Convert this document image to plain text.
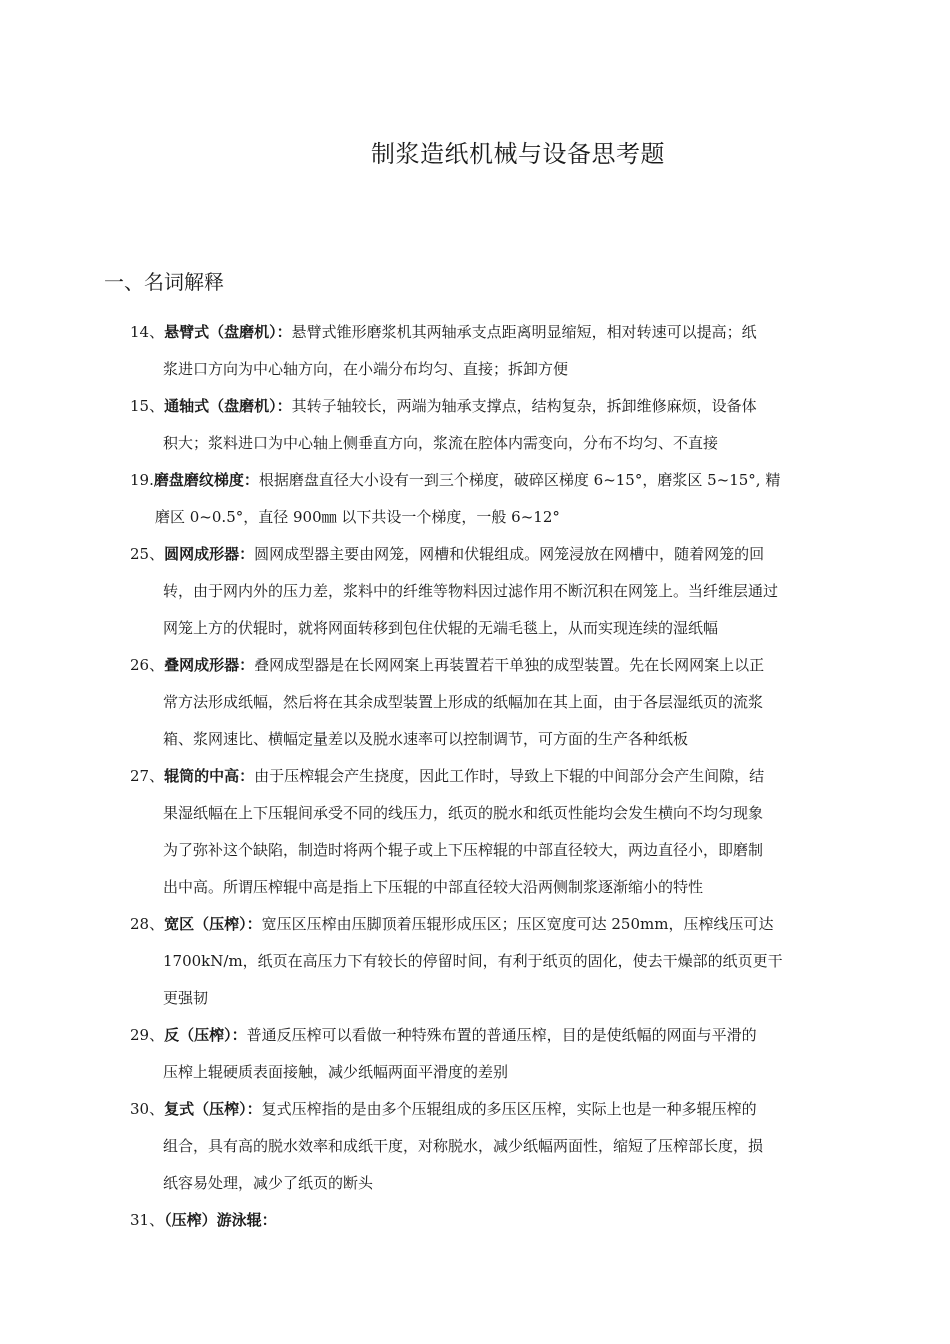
制浆造纸机械与设备思考题
一、名词解释
14、悬臂式（盘磨机）：悬臂式锥形磨浆机其两轴承支点距离明显缩短，相对转速可以提高；纸
浆进口方向为中心轴方向，在小端分布均匀、直接；拆卸方便
15、通轴式（盘磨机）：其转子轴较长，两端为轴承支撑点，结构复杂，拆卸维修麻烦，设备体
积大；浆料进口为中心轴上侧垂直方向，浆流在腔体内需变向，分布不均匀、不直接
19.磨盘磨纹梯度：根据磨盘直径大小设有一到三个梯度，破碎区梯度 6~15°，磨浆区 5~15°, 精
磨区 0~0.5°，直径 900㎜ 以下共设一个梯度，一般 6~12°
25、圆网成形器：圆网成型器主要由网笼，网槽和伏辊组成。网笼浸放在网槽中，随着网笼的回
转，由于网内外的压力差，浆料中的纤维等物料因过滤作用不断沉积在网笼上。当纤维层通过
网笼上方的伏辊时，就将网面转移到包住伏辊的无端毛毯上，从而实现连续的湿纸幅
26、叠网成形器：叠网成型器是在长网网案上再装置若干单独的成型装置。先在长网网案上以正
常方法形成纸幅，然后将在其余成型装置上形成的纸幅加在其上面，由于各层湿纸页的流浆
箱、浆网速比、横幅定量差以及脱水速率可以控制调节，可方面的生产各种纸板
27、辊筒的中高：由于压榨辊会产生挠度，因此工作时，导致上下辊的中间部分会产生间隙，结
果湿纸幅在上下压辊间承受不同的线压力，纸页的脱水和纸页性能均会发生横向不均匀现象
为了弥补这个缺陷，制造时将两个辊子或上下压榨辊的中部直径较大，两边直径小，即磨制
出中高。所谓压榨辊中高是指上下压辊的中部直径较大沿两侧制浆逐渐缩小的特性
28、宽区（压榨）：宽压区压榨由压脚顶着压辊形成压区；压区宽度可达 250mm，压榨线压可达
1700kN/m，纸页在高压力下有较长的停留时间，有利于纸页的固化，使去干燥部的纸页更干
更强韧
29、反（压榨）：普通反压榨可以看做一种特殊布置的普通压榨，目的是使纸幅的网面与平滑的
压榨上辊硬质表面接触，减少纸幅两面平滑度的差别
30、复式（压榨）：复式压榨指的是由多个压辊组成的多压区压榨，实际上也是一种多辊压榨的
组合，具有高的脱水效率和成纸干度，对称脱水，减少纸幅两面性，缩短了压榨部长度，损
纸容易处理，减少了纸页的断头
31、（压榨）游泳辊：
